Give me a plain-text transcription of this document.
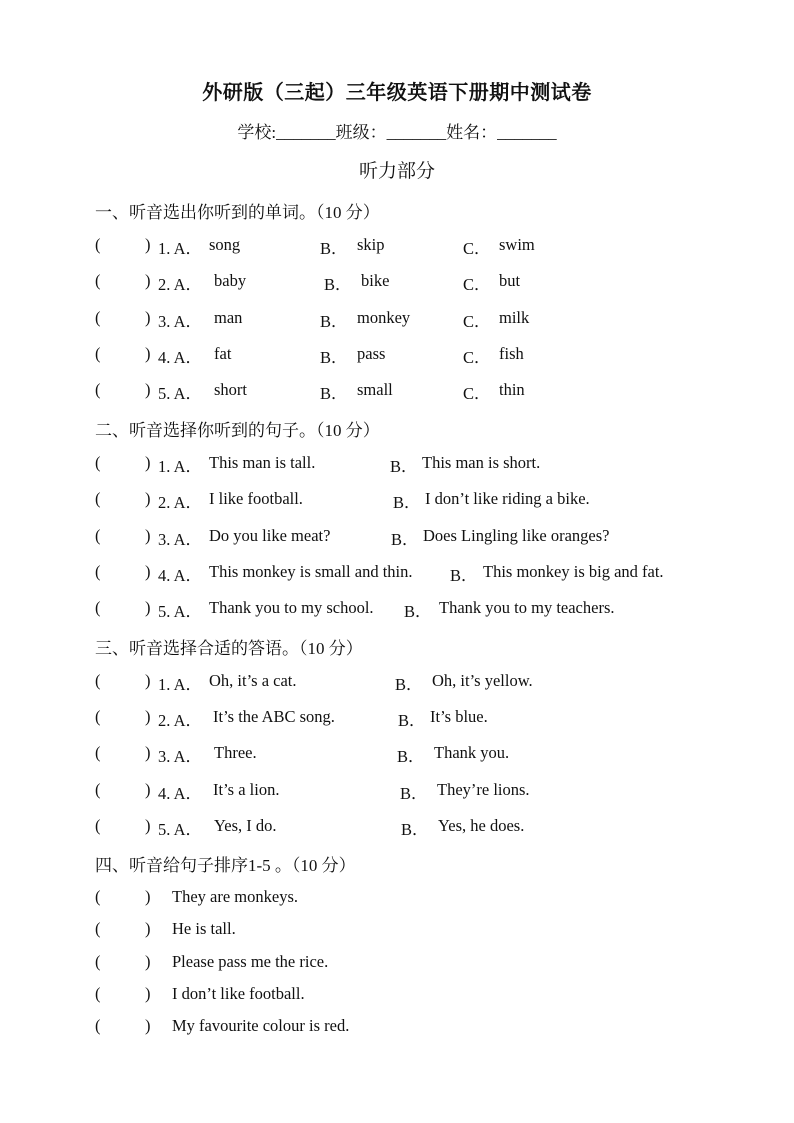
外研版（三起）三年级英语下册期中测试卷
学校:_______班级：_______姓名：_______
听力部分
一、听音选出你听到的单词。（10 分）
(	) 1. A． song	B． skip	C． swim
(	) 2. A． baby	B． bike	C． but
(	) 3. A． man	B． monkey	C． milk
(	) 4. A． fat	B． pass	C． fish
(	) 5. A． short	B． small	C． thin
二、听音选择你听到的句子。（10 分）
(	) 1. A． This man is tall.	B． This man is short.
(	) 2. A． I like football.	B． I don’t like riding a bike.
(	) 3. A． Do you like meat?	B． Does Lingling like oranges?
(	) 4. A． This monkey is small and thin. B． This monkey is big and fat.
(	) 5. A． Thank you to my school. B． Thank you to my teachers.
三、听音选择合适的答语。（10 分）
(	) 1. A． Oh, it’s a cat.	B． Oh, it’s yellow.
(	) 2. A． It’s the ABC song.	B． It’s blue.
(	) 3. A． Three.	B． Thank you.
(	) 4. A． It’s a lion.	B． They’re lions.
(	) 5. A． Yes, I do.	B． Yes, he does.
四、听音给句子排序1-5 。（10 分）
(	) They are monkeys.
(	) He is tall.
(	) Please pass me the rice.
(	) I don’t like football.
(	) My favourite colour is red.
